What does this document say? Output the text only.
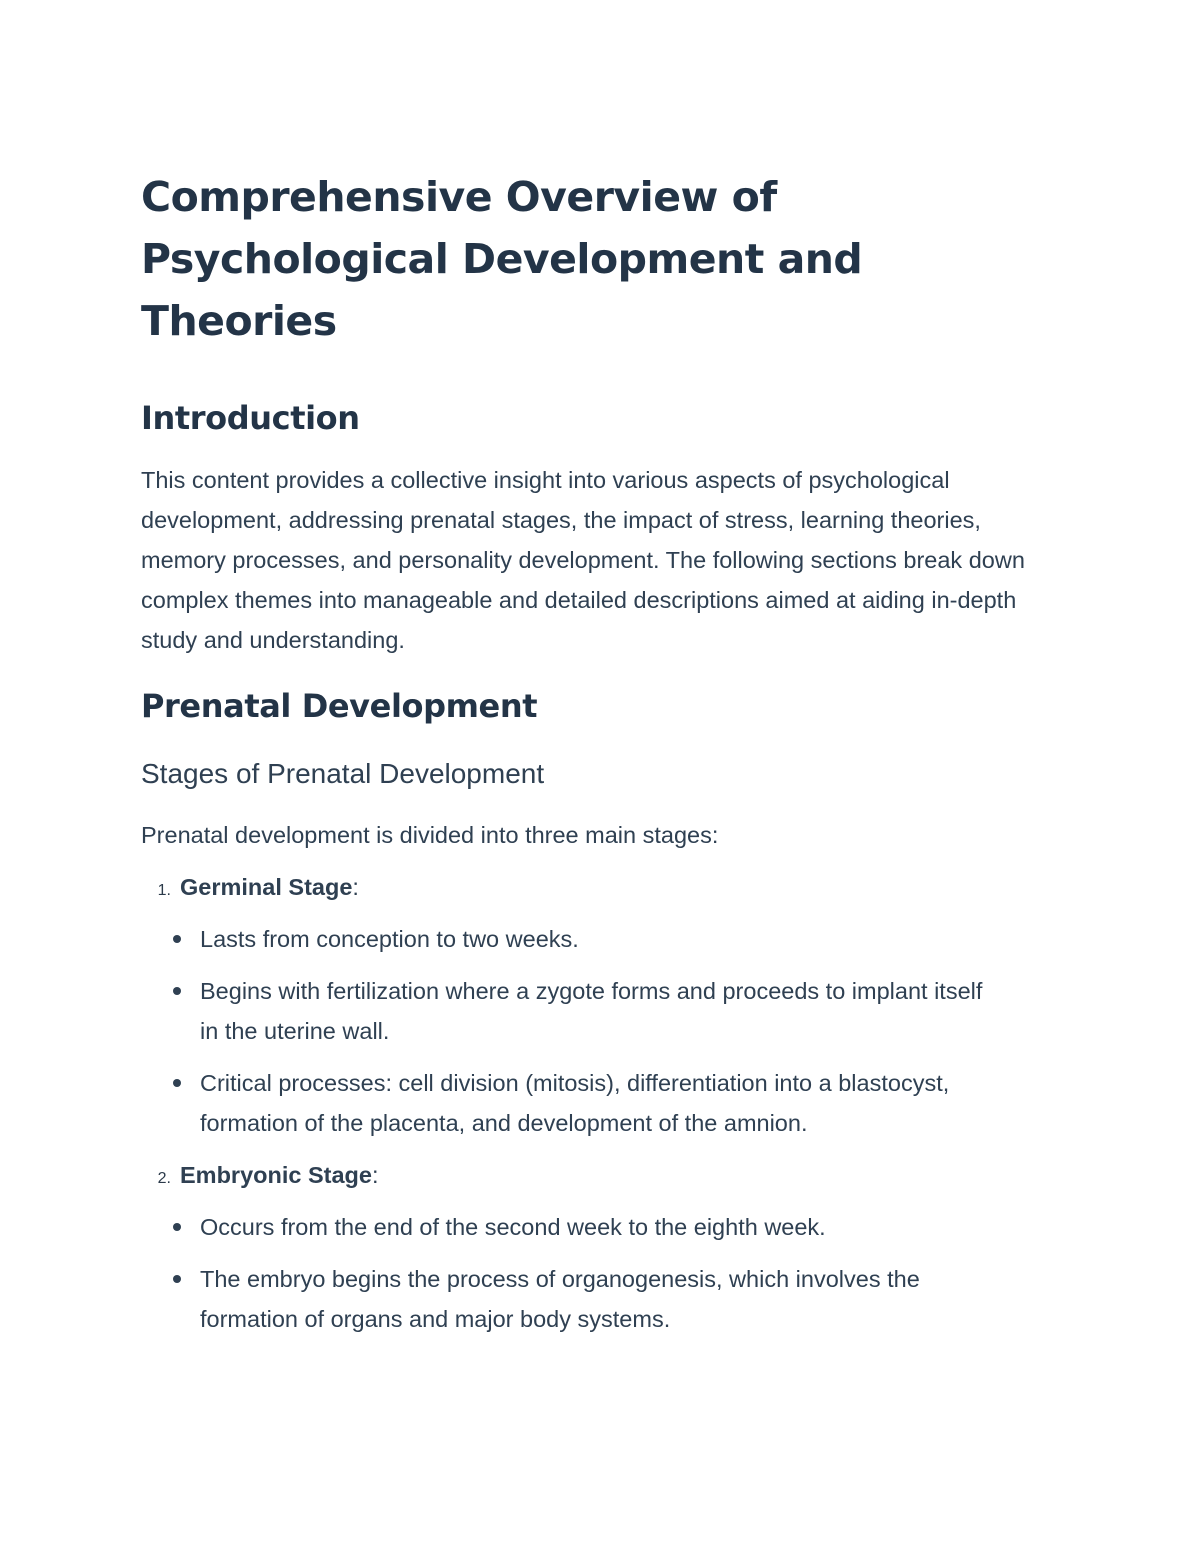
Comprehensive Overview of Psychological Development and Theories
Introduction

This content provides a collective insight into various aspects of psychological development, addressing prenatal stages, the impact of stress, learning theories, memory processes, and personality development. The following sections break down complex themes into manageable and detailed descriptions aimed at aiding in-depth study and understanding.

Prenatal Development
Stages of Prenatal Development

Prenatal development is divided into three main stages:

1. Germinal Stage :
Lasts from conception to two weeks.
Begins with fertilization where a zygote forms and proceeds to implant itself in the uterine wall.
Critical processes: cell division (mitosis), differentiation into a blastocyst, formation of the placenta, and development of the amnion.
2. Embryonic Stage :
Occurs from the end of the second week to the eighth week.
The embryo begins the process of organogenesis, which involves the formation of organs and major body systems.
